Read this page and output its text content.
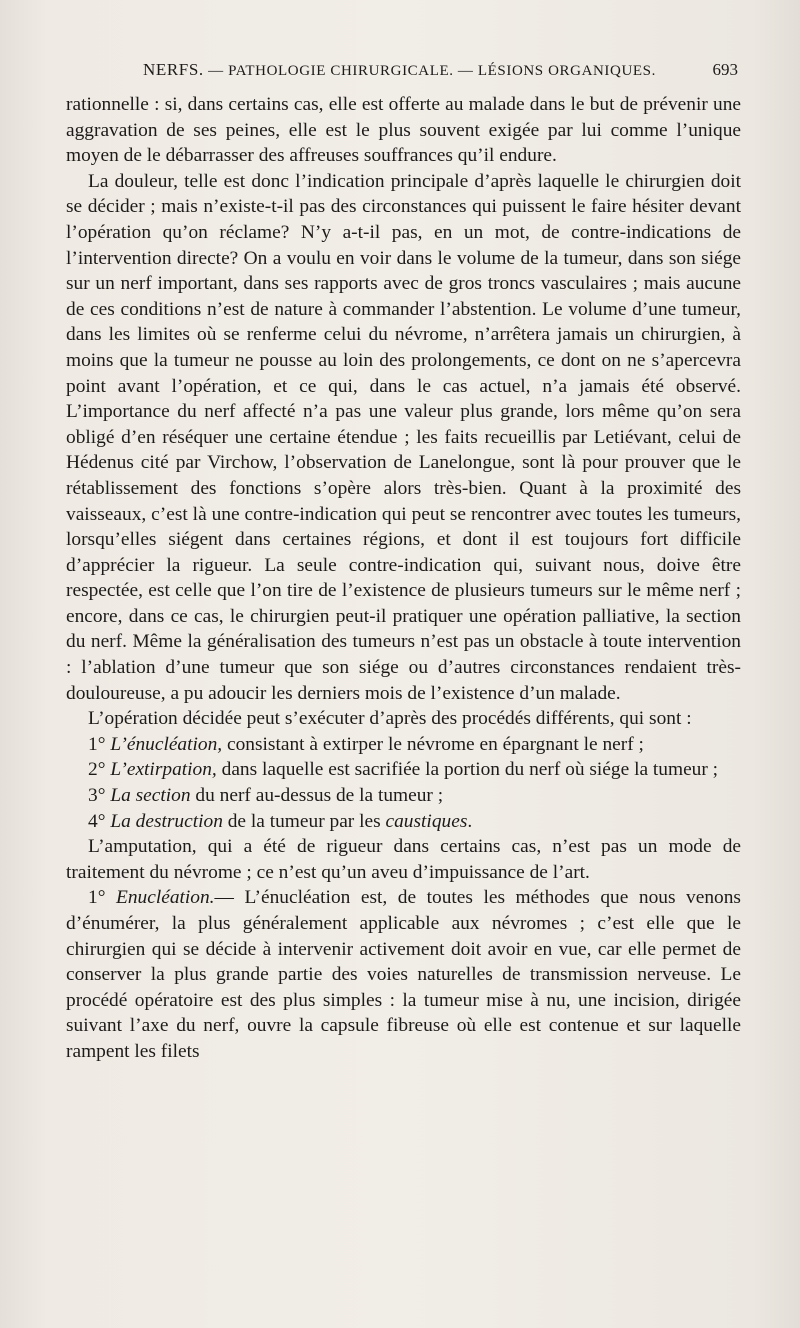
NERFS. — PATHOLOGIE CHIRURGICALE. — LÉSIONS ORGANIQUES.	693

rationnelle : si, dans certains cas, elle est offerte au malade dans le but de prévenir une aggravation de ses peines, elle est le plus souvent exigée par lui comme l’unique moyen de le débarrasser des affreuses souffrances qu’il endure.

La douleur, telle est donc l’indication principale d’après laquelle le chirurgien doit se décider ; mais n’existe-t-il pas des circonstances qui puissent le faire hésiter devant l’opération qu’on réclame? N’y a-t-il pas, en un mot, de contre-indications de l’intervention directe? On a voulu en voir dans le volume de la tumeur, dans son siége sur un nerf important, dans ses rapports avec de gros troncs vasculaires ; mais aucune de ces conditions n’est de nature à commander l’abstention. Le volume d’une tumeur, dans les limites où se renferme celui du névrome, n’arrêtera jamais un chirurgien, à moins que la tumeur ne pousse au loin des prolongements, ce dont on ne s’apercevra point avant l’opération, et ce qui, dans le cas actuel, n’a jamais été observé. L’importance du nerf affecté n’a pas une valeur plus grande, lors même qu’on sera obligé d’en réséquer une certaine étendue ; les faits recueillis par Letiévant, celui de Hédenus cité par Virchow, l’observation de Lanelongue, sont là pour prouver que le rétablissement des fonctions s’opère alors très-bien. Quant à la proximité des vaisseaux, c’est là une contre-indication qui peut se rencontrer avec toutes les tumeurs, lorsqu’elles siégent dans certaines régions, et dont il est toujours fort difficile d’apprécier la rigueur. La seule contre-indication qui, suivant nous, doive être respectée, est celle que l’on tire de l’existence de plusieurs tumeurs sur le même nerf ; encore, dans ce cas, le chirurgien peut-il pratiquer une opération palliative, la section du nerf. Même la généralisation des tumeurs n’est pas un obstacle à toute intervention : l’ablation d’une tumeur que son siége ou d’autres circonstances rendaient très-douloureuse, a pu adoucir les derniers mois de l’existence d’un malade.

L’opération décidée peut s’exécuter d’après des procédés différents, qui sont :

1° L’énucléation, consistant à extirper le névrome en épargnant le nerf ;

2° L’extirpation, dans laquelle est sacrifiée la portion du nerf où siége la tumeur ;

3° La section du nerf au-dessus de la tumeur ;

4° La destruction de la tumeur par les caustiques.

L’amputation, qui a été de rigueur dans certains cas, n’est pas un mode de traitement du névrome ; ce n’est qu’un aveu d’impuissance de l’art.

1° Enucléation.— L’énucléation est, de toutes les méthodes que nous venons d’énumérer, la plus généralement applicable aux névromes ; c’est elle que le chirurgien qui se décide à intervenir activement doit avoir en vue, car elle permet de conserver la plus grande partie des voies naturelles de transmission nerveuse. Le procédé opératoire est des plus simples : la tumeur mise à nu, une incision, dirigée suivant l’axe du nerf, ouvre la capsule fibreuse où elle est contenue et sur laquelle rampent les filets
